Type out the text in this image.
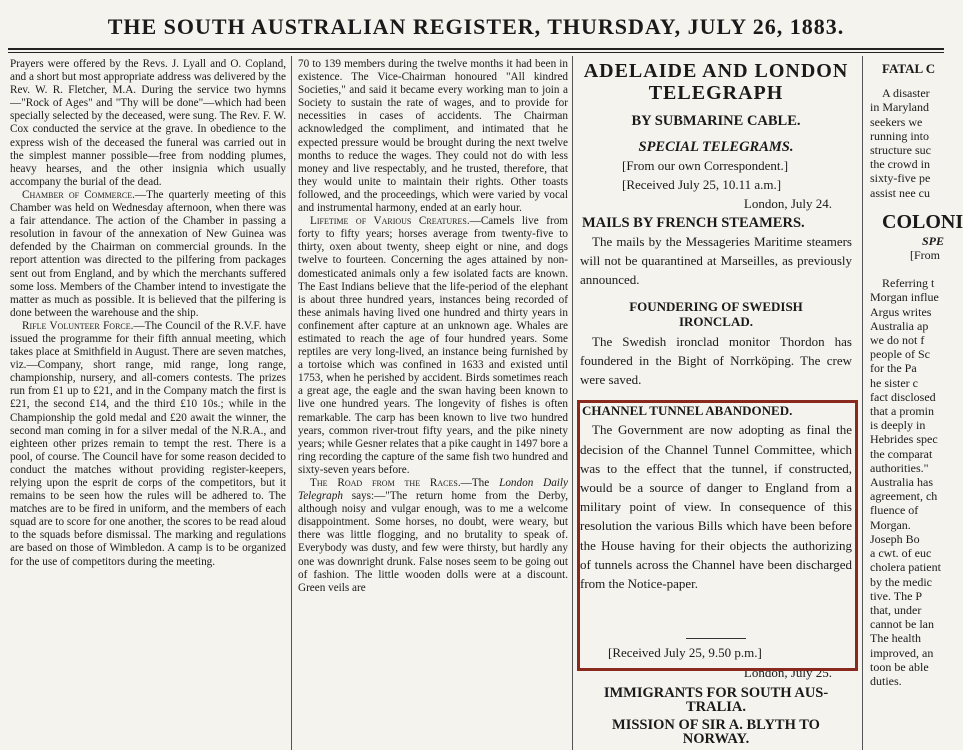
THE SOUTH AUSTRALIAN REGISTER, THURSDAY, JULY 26, 1883.

Prayers were offered by the Revs. J. Lyall and O. Copland, and a short but most appropriate address was delivered by the Rev. W. R. Fletcher, M.A. During the service two hymns—"Rock of Ages" and "Thy will be done"—which had been specially selected by the deceased, were sung. The Rev. F. W. Cox conducted the service at the grave. In obedience to the express wish of the deceased the funeral was carried out in the simplest manner possible—free from nodding plumes, heavy hearses, and the other insignia which usually accompany the burial of the dead.

Chamber of Commerce.—The quarterly meeting of this Chamber was held on Wednesday afternoon, when there was a fair attendance. The action of the Chamber in passing a resolution in favour of the annexation of New Guinea was defended by the Chairman on commercial grounds. In the report attention was directed to the pilfering from packages sent out from England, and by which the merchants suffered some loss. Members of the Chamber intend to investigate the matter as much as possible. It is believed that the pilfering is done between the warehouse and the ship.

Rifle Volunteer Force.—The Council of the R.V.F. have issued the programme for their fifth annual meeting, which takes place at Smithfield in August. There are seven matches, viz.—Company, short range, mid range, long range, championship, nursery, and all-comers contests. The prizes run from £1 up to £21, and in the Company match the first is £21, the second £14, and the third £10 10s.; while in the Championship the gold medal and £20 await the winner, the second man coming in for a silver medal of the N.R.A., and eighteen other prizes remain to tempt the rest. There is a pool, of course. The Council have for some reason decided to conduct the matches without providing register-keepers, relying upon the esprit de corps of the competitors, but it remains to be seen how the rules will be adhered to. The matches are to be fired in uniform, and the members of each squad are to score for one another, the scores to be read aloud to the squads before dismissal. The marking and regulations are based on those of Wimbledon. A camp is to be organized for the use of competitors during the meeting.

70 to 139 members during the twelve months it had been in existence. The Vice-Chairman honoured "All kindred Societies," and said it became every working man to join a Society to sustain the rate of wages, and to provide for necessities in cases of accidents. The Chairman acknowledged the compliment, and intimated that he expected pressure would be brought during the next twelve months to reduce the wages. They could not do with less money and live respectably, and he trusted, therefore, that they would unite to maintain their rights. Other toasts followed, and the proceedings, which were varied by vocal and instrumental harmony, ended at an early hour.

Lifetime of Various Creatures.—Camels live from forty to fifty years; horses average from twenty-five to thirty, oxen about twenty, sheep eight or nine, and dogs twelve to fourteen. Concerning the ages attained by non-domesticated animals only a few isolated facts are known. The East Indians believe that the life-period of the elephant is about three hundred years, instances being recorded of these animals having lived one hundred and thirty years in confinement after capture at an unknown age. Whales are estimated to reach the age of four hundred years. Some reptiles are very long-lived, an instance being furnished by a tortoise which was confined in 1633 and existed until 1753, when he perished by accident. Birds sometimes reach a great age, the eagle and the swan having been known to live one hundred years. The longevity of fishes is often remarkable. The carp has been known to live two hundred years, common river-trout fifty years, and the pike ninety years; while Gesner relates that a pike caught in 1497 bore a ring recording the capture of the same fish two hundred and sixty-seven years before.

The Road from the Races.—The London Daily Telegraph says:—"The return home from the Derby, although noisy and vulgar enough, was to me a welcome disappointment. Some horses, no doubt, were weary, but there was little flogging, and no brutality to speak of. Everybody was dusty, and few were thirsty, but hardly any one was downright drunk. False noses seem to be going out of fashion. The little wooden dolls were at a discount. Green veils are

ADELAIDE AND LONDON
TELEGRAPH
BY SUBMARINE CABLE.
SPECIAL TELEGRAMS.
[From our own Correspondent.]
[Received July 25, 10.11 a.m.]
London, July 24.
MAILS BY FRENCH STEAMERS.

The mails by the Messageries Maritime steamers will not be quarantined at Marseilles, as previously announced.

FOUNDERING OF SWEDISH
IRONCLAD.

The Swedish ironclad monitor Thordon has foundered in the Bight of Norrköping. The crew were saved.

CHANNEL TUNNEL ABANDONED.

The Government are now adopting as final the decision of the Channel Tunnel Committee, which was to the effect that the tunnel, if constructed, would be a source of danger to England from a military point of view. In consequence of this resolution the various Bills which have been before the House having for their objects the authorizing of tunnels across the Channel have been discharged from the Notice-paper.

[Received July 25, 9.50 p.m.]
London, July 25.
IMMIGRANTS FOR SOUTH AUS-
TRALIA.
MISSION OF SIR A. BLYTH TO
NORWAY.
FATAL C
A disaster
in Maryland
seekers we
running into
structure suc
the crowd in
sixty-five pe
assist nee cu
COLONI
SPE
[From
Referring t
Morgan influe
Argus writes
Australia ap
we do not f
people of Sc
for the Pa
he sister c
fact disclosed
that a promin
is deeply in
Hebrides spec
the comparat
authorities."
Australia has
agreement, ch
fluence of
Morgan.
Joseph Bo
a cwt. of euc
cholera patient
by the medic
tive. The P
that, under
cannot be lan
The health
improved, an
toon be able
duties.
